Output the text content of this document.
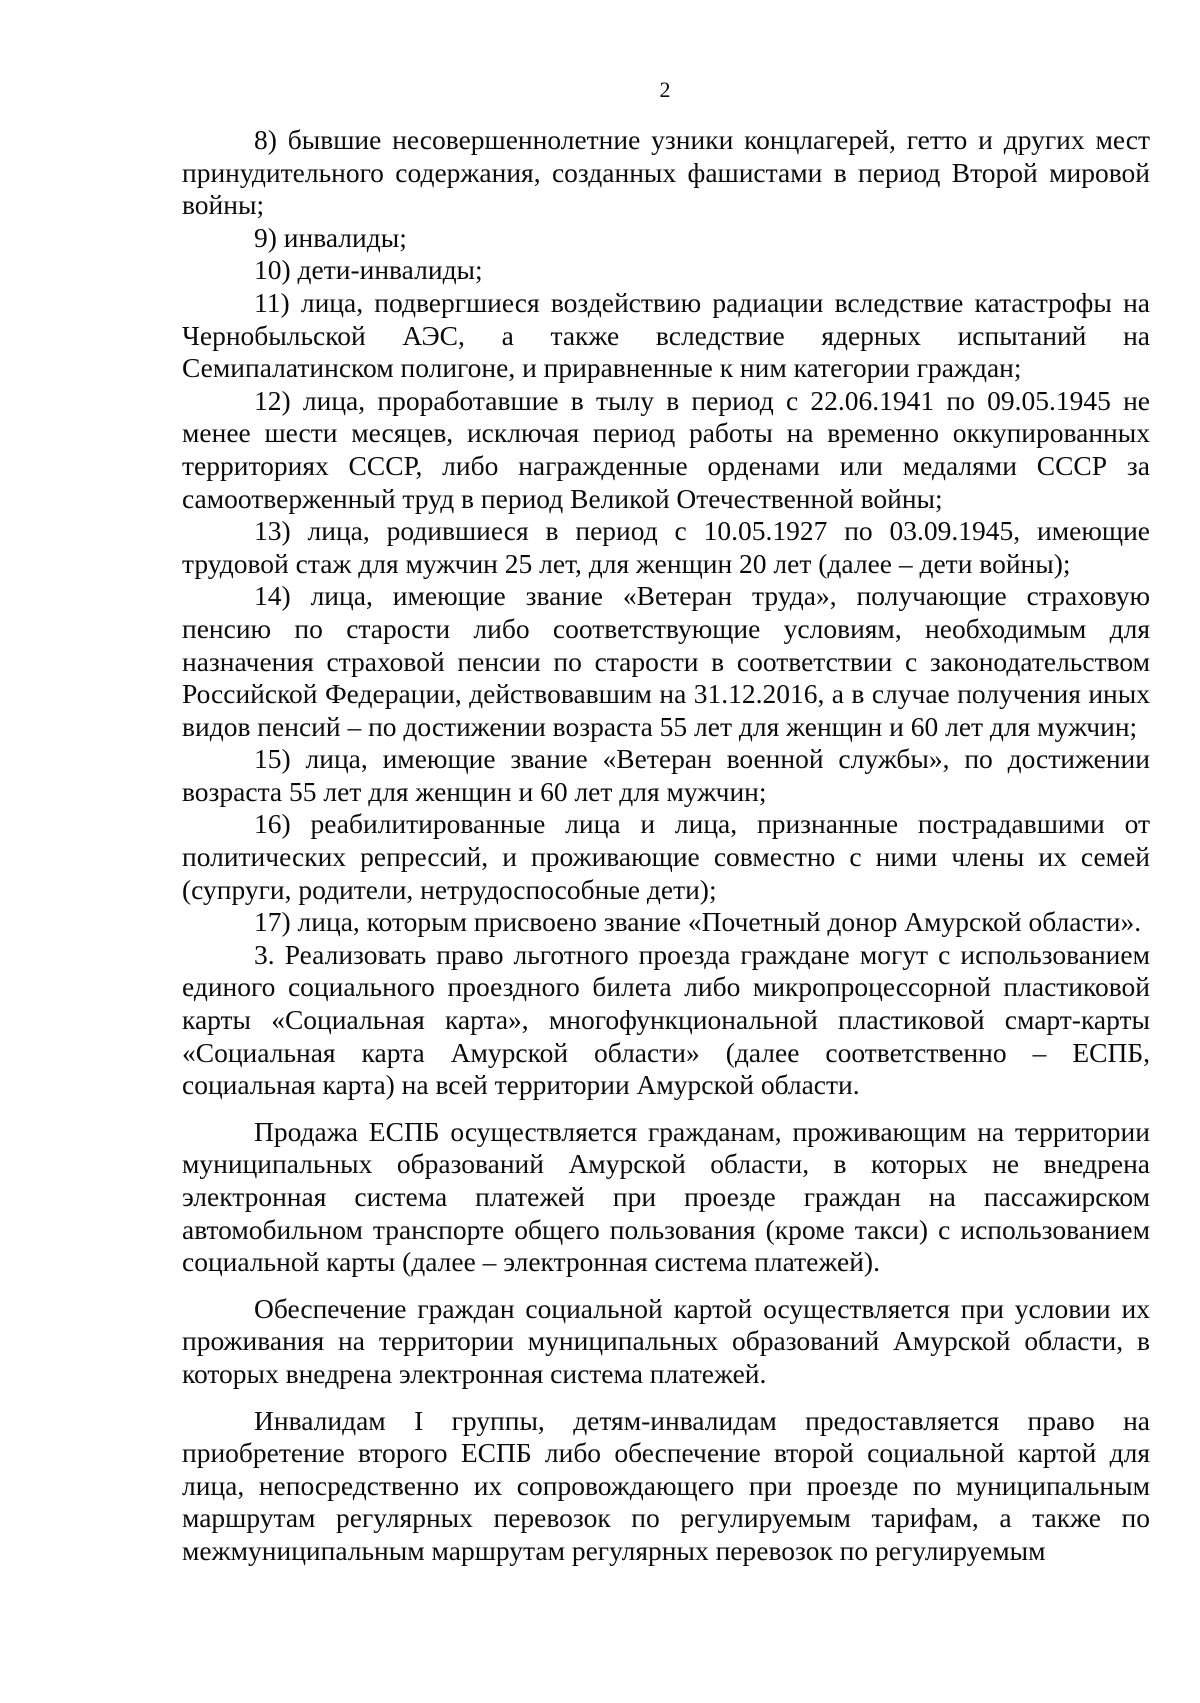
2

8) бывшие несовершеннолетние узники концлагерей, гетто и других мест принудительного содержания, созданных фашистами в период Второй мировой войны;

9) инвалиды;

10) дети-инвалиды;

11) лица, подвергшиеся воздействию радиации вследствие катастрофы на Чернобыльской АЭС, а также вследствие ядерных испытаний на Семипалатинском полигоне, и приравненные к ним категории граждан;

12) лица, проработавшие в тылу в период с 22.06.1941 по 09.05.1945 не менее шести месяцев, исключая период работы на временно оккупированных территориях СССР, либо награжденные орденами или медалями СССР за самоотверженный труд в период Великой Отечественной войны;

13) лица, родившиеся в период с 10.05.1927 по 03.09.1945, имеющие трудовой стаж для мужчин 25 лет, для женщин 20 лет (далее – дети войны);

14) лица, имеющие звание «Ветеран труда», получающие страховую пенсию по старости либо соответствующие условиям, необходимым для назначения страховой пенсии по старости в соответствии с законодательством Российской Федерации, действовавшим на 31.12.2016, а в случае получения иных видов пенсий – по достижении возраста 55 лет для женщин и 60 лет для мужчин;

15) лица, имеющие звание «Ветеран военной службы», по достижении возраста 55 лет для женщин и 60 лет для мужчин;

16) реабилитированные лица и лица, признанные пострадавшими от политических репрессий, и проживающие совместно с ними члены их семей (супруги, родители, нетрудоспособные дети);

17) лица, которым присвоено звание «Почетный донор Амурской области».

3. Реализовать право льготного проезда граждане могут с использованием единого социального проездного билета либо микропроцессорной пластиковой карты «Социальная карта», многофункциональной пластиковой смарт-карты «Социальная карта Амурской области» (далее соответственно – ЕСПБ, социальная карта) на всей территории Амурской области.

Продажа ЕСПБ осуществляется гражданам, проживающим на территории муниципальных образований Амурской области, в которых не внедрена электронная система платежей при проезде граждан на пассажирском автомобильном транспорте общего пользования (кроме такси) с использованием социальной карты (далее – электронная система платежей).

Обеспечение граждан социальной картой осуществляется при условии их проживания на территории муниципальных образований Амурской области, в которых внедрена электронная система платежей.

Инвалидам I группы, детям-инвалидам предоставляется право на приобретение второго ЕСПБ либо обеспечение второй социальной картой для лица, непосредственно их сопровождающего при проезде по муниципальным маршрутам регулярных перевозок по регулируемым тарифам, а также по межмуниципальным маршрутам регулярных перевозок по регулируемым
